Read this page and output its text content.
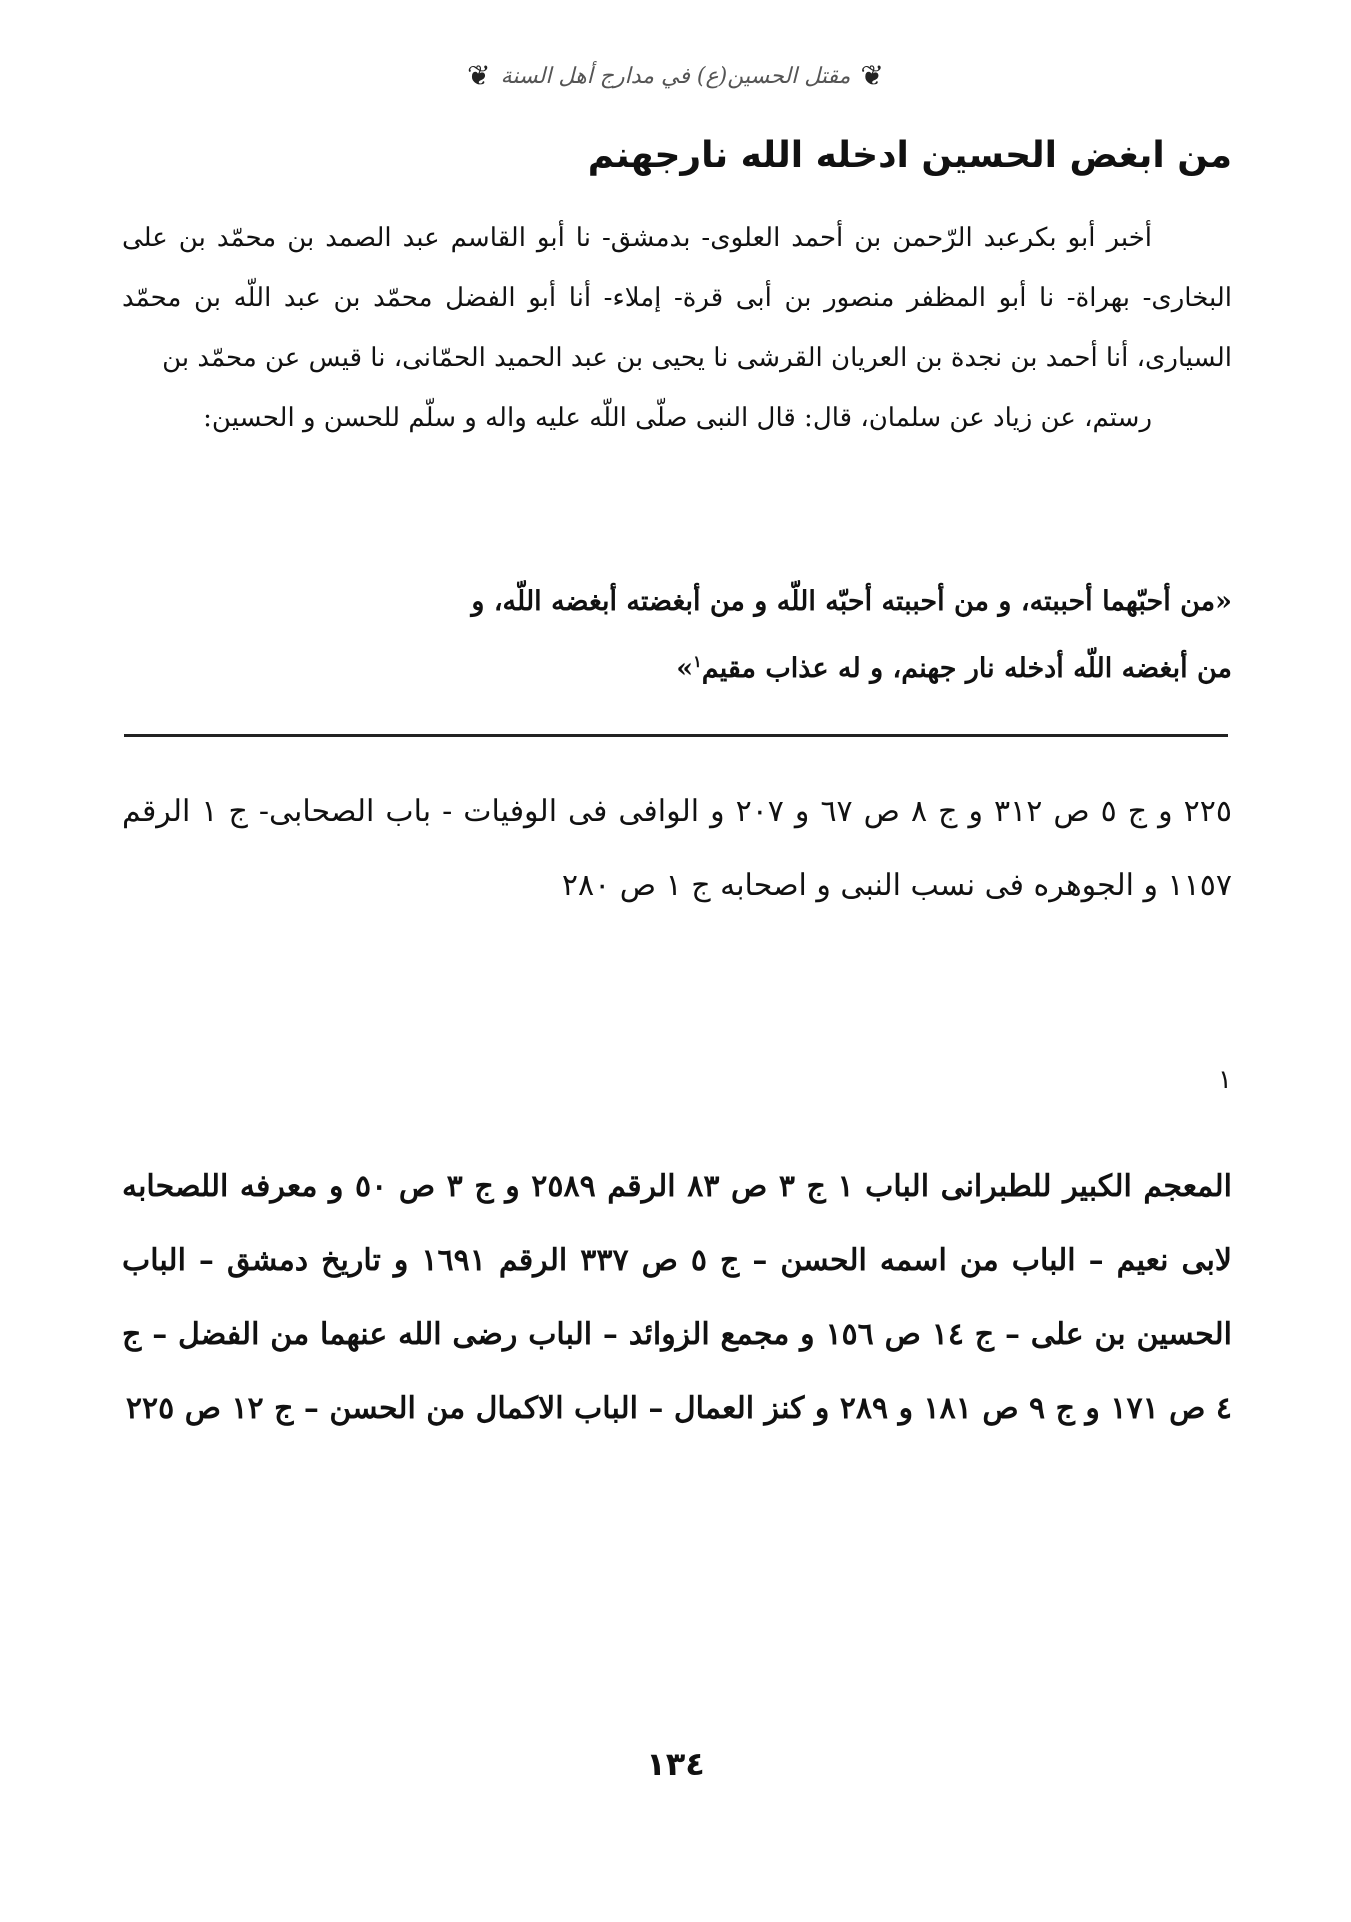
❦
مقتل الحسين(ع) في مدارج أهل السنة
❦
من ابغض الحسين ادخله الله نارجهنم

أخبر أبو بكرعبد الرّحمن بن أحمد العلوى- بدمشق- نا أبو القاسم عبد الصمد بن محمّد بن على البخارى- بهراة- نا أبو المظفر منصور بن أبى قرة- إملاء- أنا أبو الفضل محمّد بن عبد اللّه بن محمّد السيارى، أنا أحمد بن نجدة بن العريان القرشى نا يحيى بن عبد الحميد الحمّانى، نا قيس عن محمّد بن

رستم، عن زياد عن سلمان، قال: قال النبى صلّى اللّه عليه واله و سلّم للحسن و الحسين:

«من أحبّهما أحببته، و من أحببته أحبّه اللّه و من أبغضته أبغضه اللّه، و

من أبغضه اللّه أدخله نار جهنم، و له عذاب مقيم$^١$»

٢٢٥ و ج ٥ ص ٣١٢ و ج ٨ ص ٦٧ و ٢٠٧ و الوافى فى الوفيات - باب الصحابى- ج ١ الرقم ١١٥٧ و الجوهره فى نسب النبى و اصحابه ج ١ ص ٢٨٠

١

المعجم الكبير للطبرانى الباب ١ ج ٣ ص ٨٣ الرقم ٢٥٨٩ و ج ٣ ص ٥٠ و معرفه اللصحابه لابى نعيم – الباب من اسمه الحسن – ج ٥ ص ٣٣٧ الرقم ١٦٩١ و تاريخ دمشق – الباب الحسين بن على – ج ١٤ ص ١٥٦ و مجمع الزوائد – الباب رضى الله عنهما من الفضل – ج ٤ ص ١٧١ و ج ٩ ص ١٨١ و ٢٨٩ و كنز العمال – الباب الاكمال من الحسن – ج ١٢ ص ٢٢٥

١٣٤
